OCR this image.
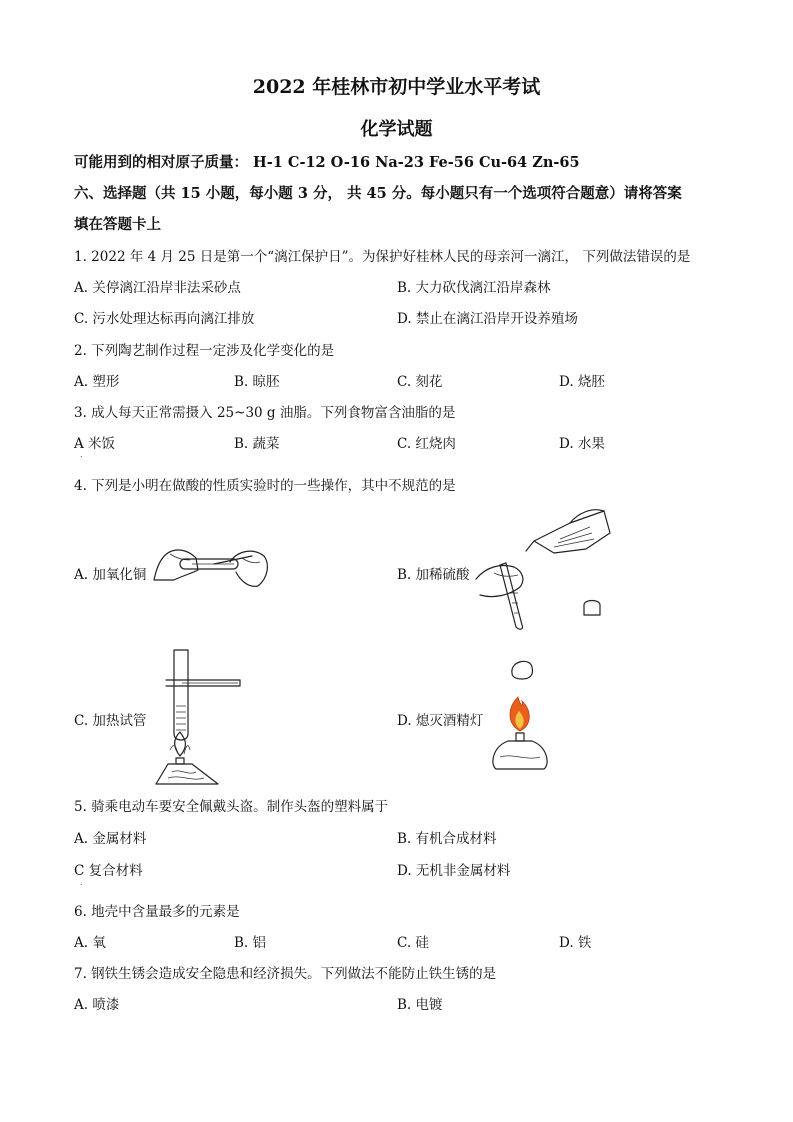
2022 年桂林市初中学业水平考试
化学试题
可能用到的相对原子质量： H-1 C-12 O-16 Na-23 Fe-56 Cu-64 Zn-65
六、选择题（共 15 小题，每小题 3 分， 共 45 分。每小题只有一个选项符合题意）请将答案
填在答题卡上
1. 2022 年 4 月 25 日是第一个“漓江保护日”。为保护好桂林人民的母亲河一漓江， 下列做法错误的是
A. 关停漓江沿岸非法采砂点	B. 大力砍伐漓江沿岸森林
C. 污水处理达标再向漓江排放	D. 禁止在漓江沿岸开设养殖场
2. 下列陶艺制作过程一定涉及化学变化的是
A. 塑形	B. 晾胚	C. 刻花	D. 烧胚
3. 成人每天正常需摄入 25~30 g 油脂。下列食物富含油脂的是
A 米饭	B. 蔬菜	C. 红烧肉	D. 水果
.
4. 下列是小明在做酸的性质实验时的一些操作，其中不规范的是
A. 加氧化铜	B. 加稀硫酸
C. 加热试管	D. 熄灭酒精灯
5. 骑乘电动车要安全佩戴头盗。制作头盔的塑料属于
A. 金属材料	B. 有机合成材料
C 复合材料	D. 无机非金属材料
.
6. 地壳中含量最多的元素是
A. 氧	B. 铝	C. 硅	D. 铁
7. 钢铁生锈会造成安全隐患和经济损失。下列做法不能防止铁生锈的是
A. 喷漆	B. 电镀
